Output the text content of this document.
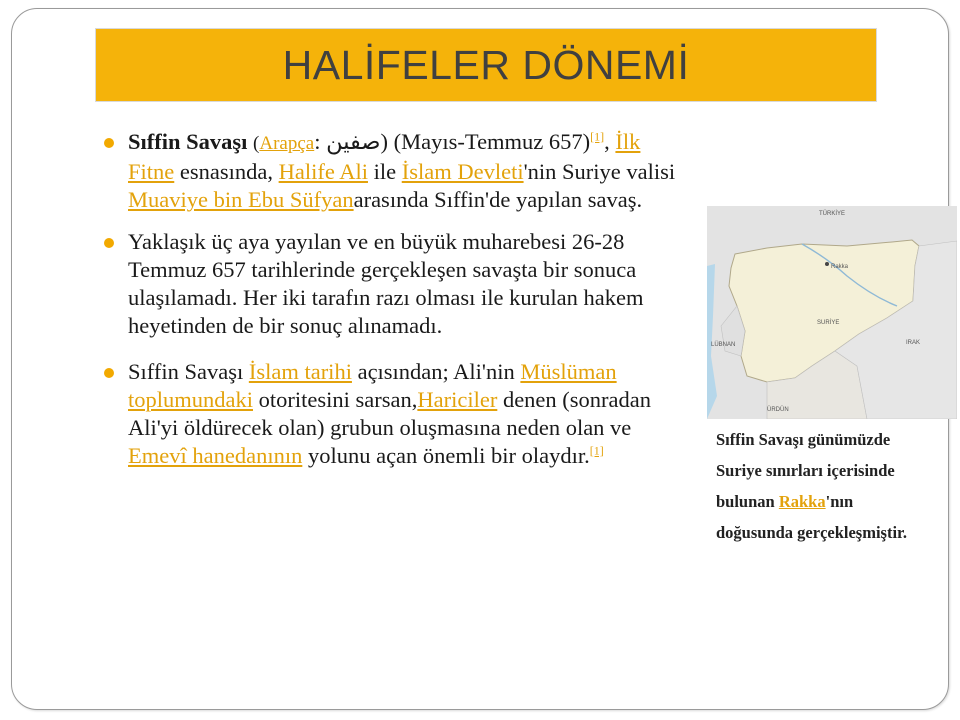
HALİFELER DÖNEMİ
Sıffin Savaşı (Arapça: صفين) (Mayıs-Temmuz 657)[1], İlk Fitne esnasında, Halife Ali ile İslam Devleti'nin Suriye valisi Muaviye bin Ebu Süfyanarasında Sıffin'de yapılan savaş.
Yaklaşık üç aya yayılan ve en büyük muharebesi 26-28 Temmuz 657 tarihlerinde gerçekleşen savaşta bir sonuca ulaşılamadı. Her iki tarafın razı olması ile kurulan hakem heyetinden de bir sonuç alınamadı.
Sıffin Savaşı İslam tarihi açısından; Ali'nin Müslüman toplumundaki otoritesini sarsan,Hariciler denen (sonradan Ali'yi öldürecek olan) grubun oluşmasına neden olan ve Emevî hanedanının yolunu açan önemli bir olaydır.[1]
TÜRKİYE
SURİYE
IRAK
ÜRDÜN
LÜBNAN
Rakka
Sıffin Savaşı günümüzde Suriye sınırları içerisinde bulunan Rakka'nın doğusunda gerçekleşmiştir.
